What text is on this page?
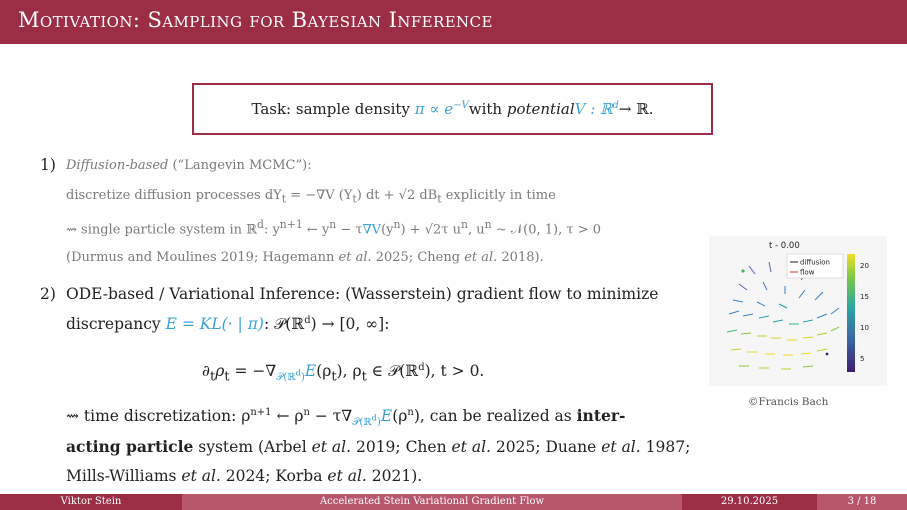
Motivation: Sampling for Bayesian Inference
Task: sample density
$\pi \propto e^{-V}$ with
potential V : ℝ$^d$ → ℝ .
1) Diffusion-based (“Langevin MCMC”):
discretize diffusion processes $dY_t = -\nabla V$ $(Y_t)$ dt + √2 $dB_t$ explicitly in time
⇝ single particle system in ℝ$^d$: $y^{n+1}$ ← $y^n - \tau\nabla V(y^n) + √2\tau$ $u^n$, $u^n$ ∼ 𝒩(0, 1), τ > 0
(Durmus and Moulines 2019; Hagemann et al. 2025; Cheng et al. 2018).
2) ODE-based / Variational Inference: (Wasserstein) gradient flow to minimize
discrepancy E = KL(· | π): 𝒫(ℝ$^d$) → [0, ∞]:
$\partial_t\rho_t = -\nabla_{𝒫(ℝ^d)}E(\rho_t)$, $\rho_t$ ∈ 𝒫(ℝ$^d$), t > 0.
⇝ time discretization: $\rho^{n+1}$ ← $\rho^n - \tau\nabla_{𝒫(ℝ^d)}E(\rho^n)$, can be realized as inter-
acting particle system (Arbel et al. 2019; Chen et al. 2025; Duane et al. 1987;
Mills-Williams et al. 2024; Korba et al. 2021).
t - 0.00
diffusion
flow
20
15
10
5
©Francis Bach
Viktor Stein	Accelerated Stein Variational Gradient Flow	29.10.2025	3 / 18
